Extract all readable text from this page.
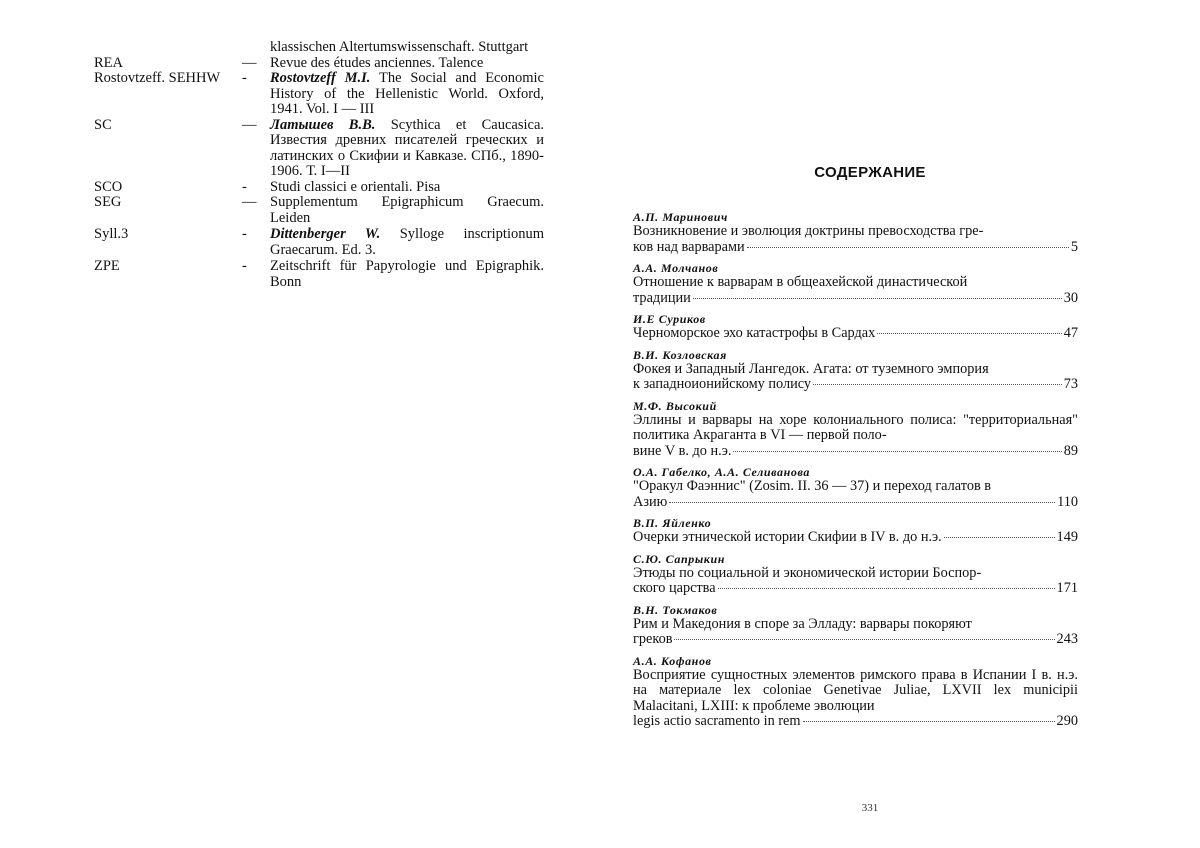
klassischen Altertumswissenschaft. Stuttgart
REA	— Revue des études anciennes. Talence
Rostovtzeff. SEHHW	-	Rostovtzeff M.I. The Social and Economic History of the Hellenistic World. Oxford, 1941. Vol. I — III
SC	— Латышев В.В. Scythica et Caucasica. Известия древних писателей греческих и латинских о Скифии и Кавказе. СПб., 1890-1906. Т. I—II
SCO	-	Studi classici e orientali. Pisa
SEG	— Supplementum Epigraphicum Graecum. Leiden
Syll.3	-	Dittenberger W. Sylloge inscriptionum Graecarum. Ed. 3.
ZPE	-	Zeitschrift für Papyrologie und Epigraphik. Bonn
СОДЕРЖАНИЕ
А.П. Маринович
Возникновение и эволюция доктрины превосходства гре-
ков над варварами	5
А.А. Молчанов
Отношение к варварам в общеахейской династической
традиции	30
И.Е Суриков
Черноморское эхо катастрофы в Сардах	47
В.И. Козловская
Фокея и Западный Лангедок. Агата: от туземного эмпория
к западноионийскому полису	73
М.Ф. Высокий
Эллины и варвары на хоре колониального полиса: "территориальная" политика Акраганта в VI — первой поло-
вине V в. до н.э.	89
О.А. Габелко, А.А. Селиванова
"Оракул Фаэннис" (Zosim. II. 36 — 37) и переход галатов в
Азию	110
В.П. Яйленко
Очерки этнической истории Скифии в IV в. до н.э.	149
С.Ю. Сапрыкин
Этюды по социальной и экономической истории Боспор-
ского царства	171
В.Н. Токмаков
Рим и Македония в споре за Элладу: варвары покоряют
греков	243
А.А. Кофанов
Восприятие сущностных элементов римского права в Испании I в. н.э. на материале lex coloniae Genetivae Juliae, LXVII lex municipii Malacitani, LXIII: к проблеме эволюции
legis actio sacramento in rem	290
331
